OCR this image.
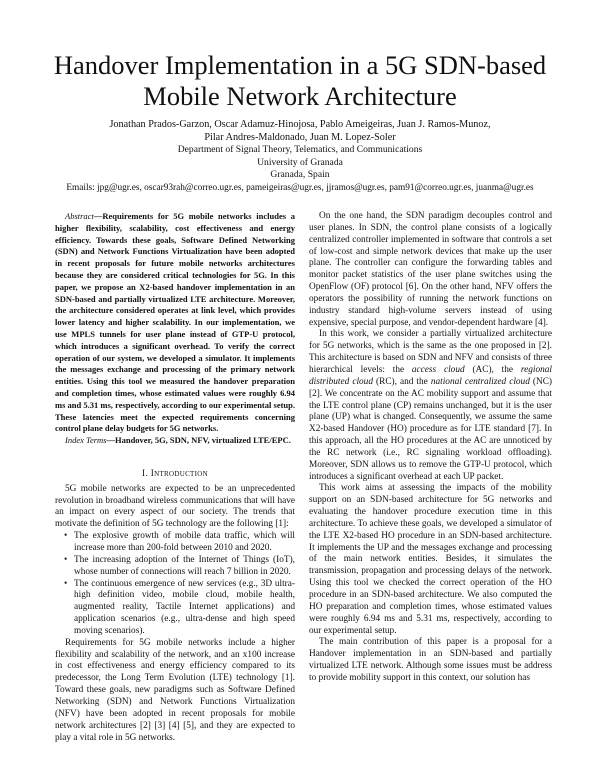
Handover Implementation in a 5G SDN-based
Mobile Network Architecture
Jonathan Prados-Garzon, Oscar Adamuz-Hinojosa, Pablo Ameigeiras, Juan J. Ramos-Munoz,
Pilar Andres-Maldonado, Juan M. Lopez-Soler
Department of Signal Theory, Telematics, and Communications
University of Granada
Granada, Spain
Emails: jpg@ugr.es, oscar93rah@correo.ugr.es, pameigeiras@ugr.es, jjramos@ugr.es, pam91@correo.ugr.es, juanma@ugr.es

Abstract—Requirements for 5G mobile networks includes a higher flexibility, scalability, cost effectiveness and energy efficiency. Towards these goals, Software Defined Networking (SDN) and Network Functions Virtualization have been adopted in recent proposals for future mobile networks architectures because they are considered critical technologies for 5G. In this paper, we propose an X2-based handover implementation in an SDN-based and partially virtualized LTE architecture. Moreover, the architecture considered operates at link level, which provides lower latency and higher scalability. In our implementation, we use MPLS tunnels for user plane instead of GTP-U protocol, which introduces a significant overhead. To verify the correct operation of our system, we developed a simulator. It implements the messages exchange and processing of the primary network entities. Using this tool we measured the handover preparation and completion times, whose estimated values were roughly 6.94 ms and 5.31 ms, respectively, according to our experimental setup. These latencies meet the expected requirements concerning control plane delay budgets for 5G networks.

Index Terms—Handover, 5G, SDN, NFV, virtualized LTE/EPC.

I. Introduction

5G mobile networks are expected to be an unprecedented revolution in broadband wireless communications that will have an impact on every aspect of our society. The trends that motivate the definition of 5G technology are the following [1]:

• The explosive growth of mobile data traffic, which will increase more than 200-fold between 2010 and 2020.
• The increasing adoption of the Internet of Things (IoT), whose number of connections will reach 7 billion in 2020.
• The continuous emergence of new services (e.g., 3D ultra-high definition video, mobile cloud, mobile health, augmented reality, Tactile Internet applications) and application scenarios (e.g., ultra-dense and high speed moving scenarios).

Requirements for 5G mobile networks include a higher flexibility and scalability of the network, and an x100 increase in cost effectiveness and energy efficiency compared to its predecessor, the Long Term Evolution (LTE) technology [1]. Toward these goals, new paradigms such as Software Defined Networking (SDN) and Network Functions Virtualization (NFV) have been adopted in recent proposals for mobile network architectures [2] [3] [4] [5], and they are expected to play a vital role in 5G networks.

On the one hand, the SDN paradigm decouples control and user planes. In SDN, the control plane consists of a logically centralized controller implemented in software that controls a set of low-cost and simple network devices that make up the user plane. The controller can configure the forwarding tables and monitor packet statistics of the user plane switches using the OpenFlow (OF) protocol [6]. On the other hand, NFV offers the operators the possibility of running the network functions on industry standard high-volume servers instead of using expensive, special purpose, and vendor-dependent hardware [4].

In this work, we consider a partially virtualized architecture for 5G networks, which is the same as the one proposed in [2]. This architecture is based on SDN and NFV and consists of three hierarchical levels: the access cloud (AC), the regional distributed cloud (RC), and the national centralized cloud (NC) [2]. We concentrate on the AC mobility support and assume that the LTE control plane (CP) remains unchanged, but it is the user plane (UP) what is changed. Consequently, we assume the same X2-based Handover (HO) procedure as for LTE standard [7]. In this approach, all the HO procedures at the AC are unnoticed by the RC network (i.e., RC signaling workload offloading). Moreover, SDN allows us to remove the GTP-U protocol, which introduces a significant overhead at each UP packet.

This work aims at assessing the impacts of the mobility support on an SDN-based architecture for 5G networks and evaluating the handover procedure execution time in this architecture. To achieve these goals, we developed a simulator of the LTE X2-based HO procedure in an SDN-based architecture. It implements the UP and the messages exchange and processing of the main network entities. Besides, it simulates the transmission, propagation and processing delays of the network. Using this tool we checked the correct operation of the HO procedure in an SDN-based architecture. We also computed the HO preparation and completion times, whose estimated values were roughly 6.94 ms and 5.31 ms, respectively, according to our experimental setup.

The main contribution of this paper is a proposal for a Handover implementation in an SDN-based and partially virtualized LTE network. Although some issues must be address to provide mobility support in this context, our solution has
